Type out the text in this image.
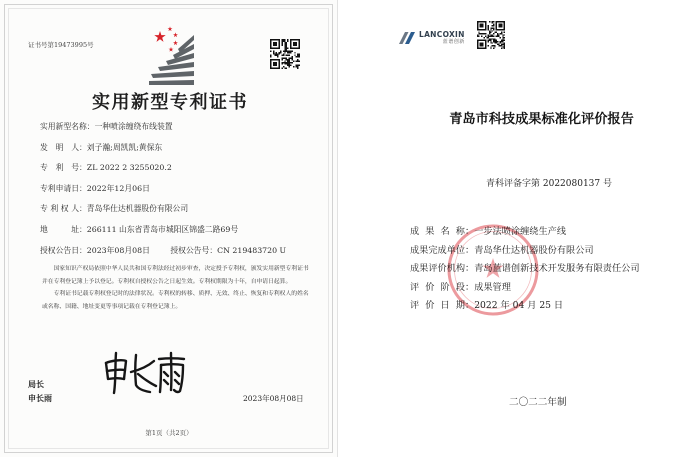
证书号第19473995号
实用新型专利证书
实用新型名称：一种喷涂缠绕布线装置
发明人：刘子瀚;周凯凯;黄保东
专利号：ZL 2022 2 3255020.2
专利申请日：2022年12月06日
专利权人：青岛华仕达机器股份有限公司
地址：266111 山东省青岛市城阳区锦盛二路69号
授权公告日：2023年08月08日	授权公告号：CN 219483720 U

国家知识产权局依照中华人民共和国专利法经过初步审查，决定授予专利权，颁发实用新型专利证书并在专利登记簿上予以登记。专利权自授权公告之日起生效。专利权期限为十年，自申请日起算。

专利证书记载专利权登记时的法律状况。专利权的转移、质押、无效、终止、恢复和专利权人的姓名或名称、国籍、地址变更等事项记载在专利登记簿上。

局长
申长雨	2023年08月08日
第1页（共2页）
LANCOXIN
蓝谱创新
青岛市科技成果标准化评价报告
青科评备字第 2022080137 号
成果名称：一步法喷涂缠绕生产线
成果完成单位：青岛华仕达机器股份有限公司
成果评价机构：青岛蓝谱创新技术开发服务有限责任公司
评价阶段：成果管理
评价日期：2022 年 04 月 25 日
二〇二二年制
